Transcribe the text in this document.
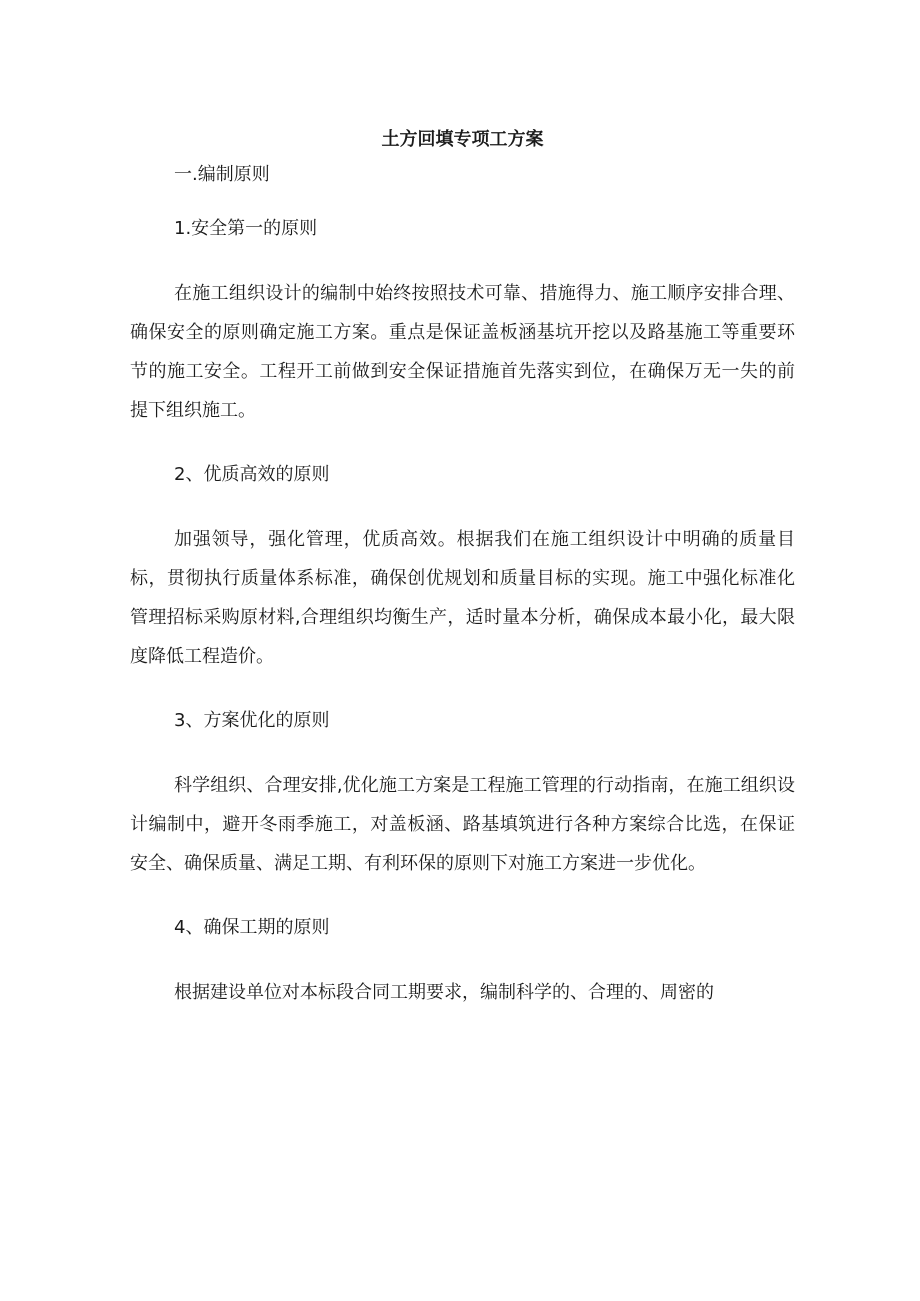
土方回填专项工方案
一.编制原则
1.安全第一的原则

在施工组织设计的编制中始终按照技术可靠、措施得力、施工顺序安排合理、确保安全的原则确定施工方案。重点是保证盖板涵基坑开挖以及路基施工等重要环节的施工安全。工程开工前做到安全保证措施首先落实到位，在确保万无一失的前提下组织施工。

2、优质高效的原则

加强领导，强化管理，优质高效。根据我们在施工组织设计中明确的质量目标，贯彻执行质量体系标准，确保创优规划和质量目标的实现。施工中强化标准化管理招标采购原材料,合理组织均衡生产，适时量本分析，确保成本最小化，最大限度降低工程造价。

3、方案优化的原则

科学组织、合理安排,优化施工方案是工程施工管理的行动指南，在施工组织设计编制中，避开冬雨季施工，对盖板涵、路基填筑进行各种方案综合比选，在保证安全、确保质量、满足工期、有利环保的原则下对施工方案进一步优化。

4、确保工期的原则

根据建设单位对本标段合同工期要求，编制科学的、合理的、周密的
